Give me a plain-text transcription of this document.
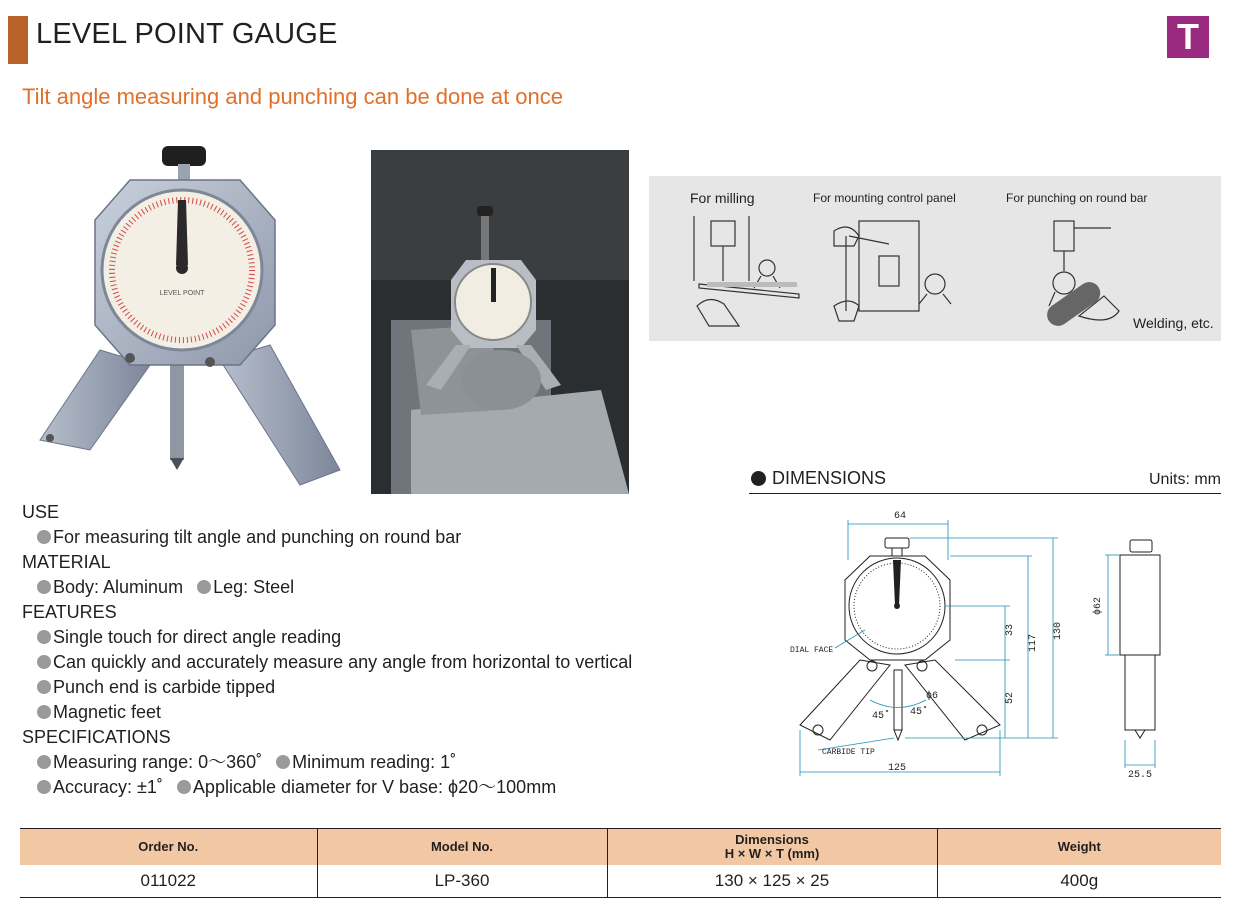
LEVEL POINT GAUGE	T
Tilt angle measuring and punching can be done at once
LEVEL POINT
For milling	For mounting control panel	For punching on round bar
Welding, etc.
USE
For measuring tilt angle and punching on round bar
MATERIAL
Body: Aluminum Leg: Steel
FEATURES
Single touch for direct angle reading
Can quickly and accurately measure any angle from horizontal to vertical
Punch end is carbide tipped
Magnetic feet
SPECIFICATIONS
Measuring range: 0～360˚ Minimum reading: 1˚
Accuracy: ±1˚ Applicable diameter for V base: ϕ20～100mm
DIMENSIONS	Units: mm
64
33
52
117
130
DIAL FACE
ϕ6
45˚ 45˚
CARBIDE TIP
125
ϕ62
25.5
Order No.	Model No.	Dimensions
H × W × T (mm)	Weight
011022	LP-360	130 × 125 × 25	400g
